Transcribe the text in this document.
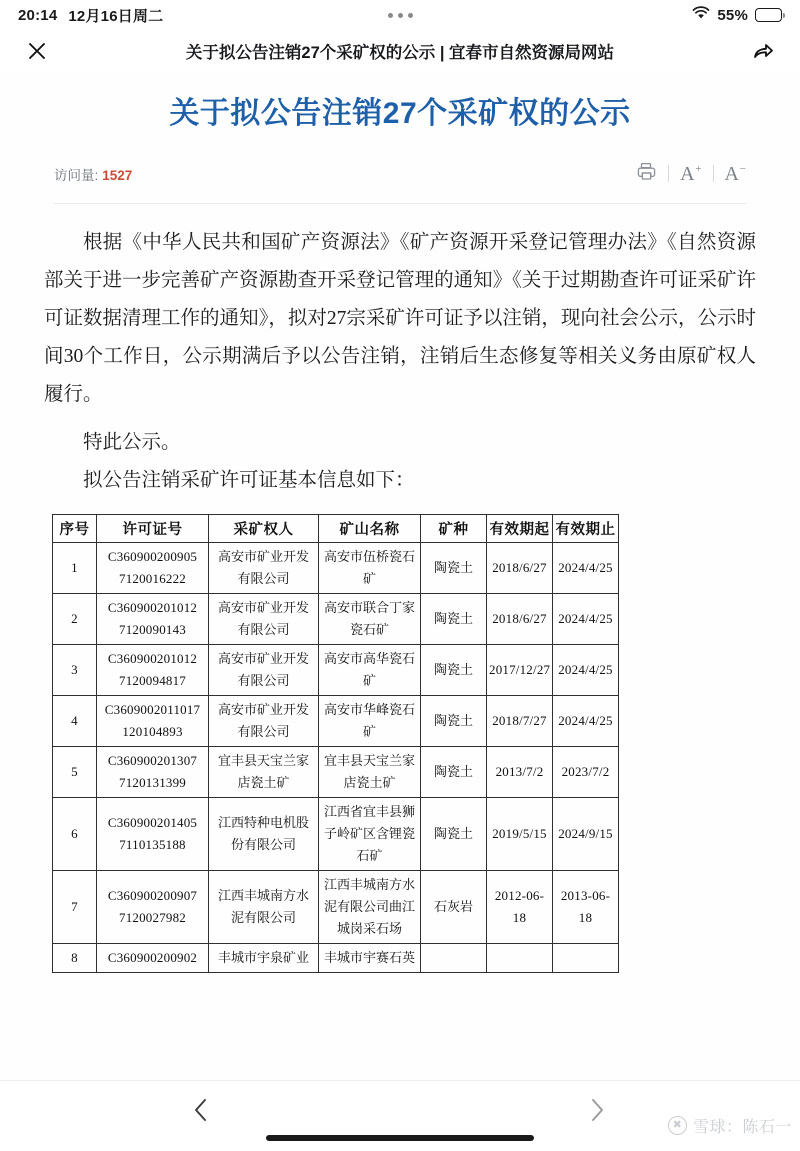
20:14 12月16日周二	55%
关于拟公告注销27个采矿权的公示 | 宜春市自然资源局网站
关于拟公告注销27个采矿权的公示
访问量: 1527	A + A −

根据《中华人民共和国矿产资源法》《矿产资源开采登记管理办法》《自然资源部关于进一步完善矿产资源勘查开采登记管理的通知》《关于过期勘查许可证采矿许可证数据清理工作的通知》，拟对27宗采矿许可证予以注销，现向社会公示，公示时间30个工作日，公示期满后予以公告注销，注销后生态修复等相关义务由原矿权人履行。

特此公示。

拟公告注销采矿许可证基本信息如下：

序号	许可证号	采矿权人	矿山名称	矿种	有效期起	有效期止

1	C360900200905
7120016222	高安市矿业开发
有限公司	高安市伍桥瓷石
矿	陶瓷土	2018/6/27	2024/4/25

2	C360900201012
7120090143	高安市矿业开发
有限公司	高安市联合丁家
瓷石矿	陶瓷土	2018/6/27	2024/4/25

3	C360900201012
7120094817	高安市矿业开发
有限公司	高安市高华瓷石
矿	陶瓷土	2017/12/27	2024/4/25

4	C3609002011017
120104893	高安市矿业开发
有限公司	高安市华峰瓷石
矿	陶瓷土	2018/7/27	2024/4/25

5	C360900201307
7120131399	宜丰县天宝兰家
店瓷土矿	宜丰县天宝兰家
店瓷土矿	陶瓷土	2013/7/2	2023/7/2

6	C360900201405
7110135188	江西特种电机股
份有限公司	江西省宜丰县狮
子岭矿区含锂瓷
石矿	陶瓷土	2019/5/15	2024/9/15

7	C360900200907
7120027982	江西丰城南方水
泥有限公司	江西丰城南方水
泥有限公司曲江
城岗采石场	石灰岩	2012-06-18	2013-06-18

8	C360900200902	丰城市宇泉矿业	丰城市宇赛石英			

✖ 雪球：陈石一
